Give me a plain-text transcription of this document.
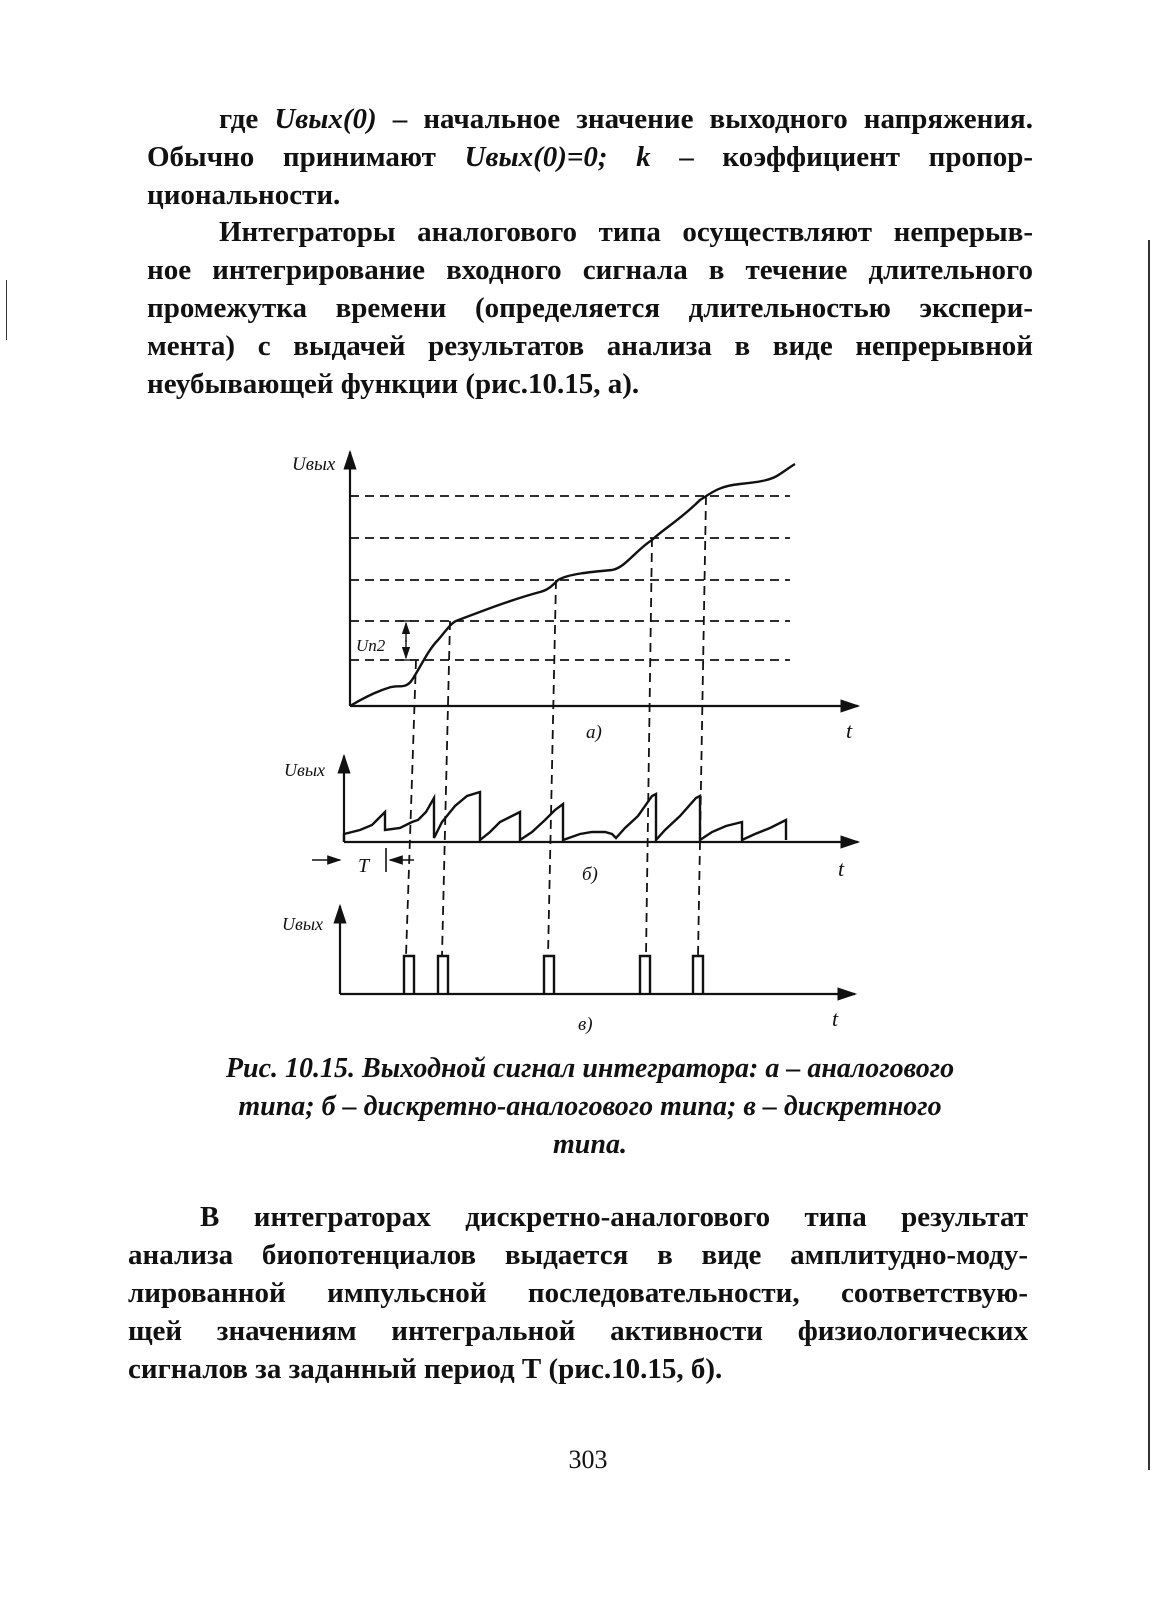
где Uвых(0) – начальное значение выходного напряжения.
Обычно принимают Uвых(0)=0; k – коэффициент пропор-
циональности.
Интеграторы аналогового типа осуществляют непрерыв-
ное интегрирование входного сигнала в течение длительного
промежутка времени (определяется длительностью экспери-
мента) с выдачей результатов анализа в виде непрерывной
неубывающей функции (рис.10.15, а).
Uвых
Uп2
а)	t
Uвых
T	б)	t
Uвых
в)	t
Рис. 10.15. Выходной сигнал интегратора: а – аналогового
типа; б – дискретно-аналогового типа; в – дискретного
типа.
В интеграторах дискретно-аналогового типа результат
анализа биопотенциалов выдается в виде амплитудно-моду-
лированной импульсной последовательности, соответствую-
щей значениям интегральной активности физиологических
сигналов за заданный период Т (рис.10.15, б).
303
